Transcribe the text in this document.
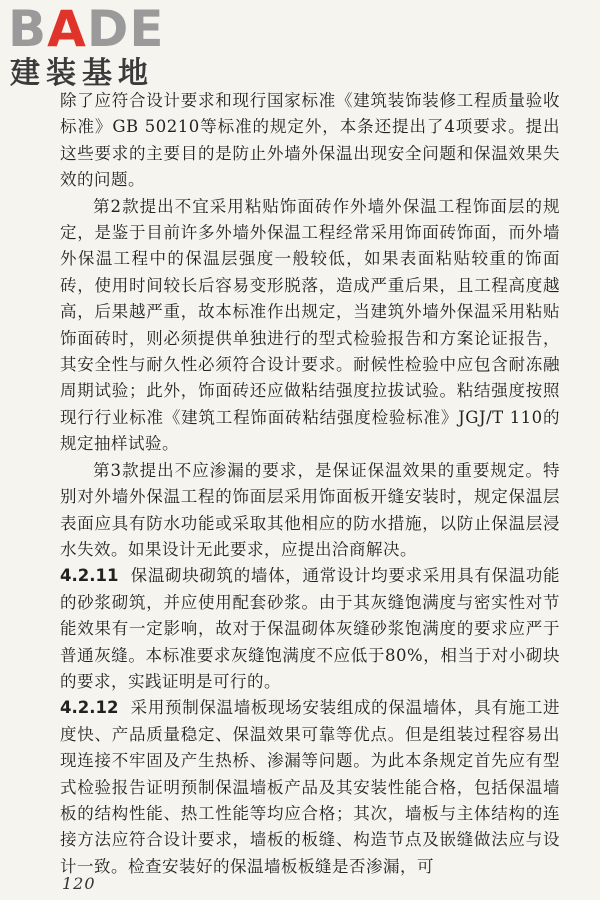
BADE
建装基地

除了应符合设计要求和现行国家标准《建筑装饰装修工程质量验收标准》GB 50210等标准的规定外，本条还提出了4项要求。提出这些要求的主要目的是防止外墙外保温出现安全问题和保温效果失效的问题。

第2款提出不宜采用粘贴饰面砖作外墙外保温工程饰面层的规定，是鉴于目前许多外墙外保温工程经常采用饰面砖饰面，而外墙外保温工程中的保温层强度一般较低，如果表面粘贴较重的饰面砖，使用时间较长后容易变形脱落，造成严重后果，且工程高度越高，后果越严重，故本标准作出规定，当建筑外墙外保温采用粘贴饰面砖时，则必须提供单独进行的型式检验报告和方案论证报告，其安全性与耐久性必须符合设计要求。耐候性检验中应包含耐冻融周期试验；此外，饰面砖还应做粘结强度拉拔试验。粘结强度按照现行行业标准《建筑工程饰面砖粘结强度检验标准》JGJ/T 110的规定抽样试验。

第3款提出不应渗漏的要求，是保证保温效果的重要规定。特别对外墙外保温工程的饰面层采用饰面板开缝安装时，规定保温层表面应具有防水功能或采取其他相应的防水措施，以防止保温层浸水失效。如果设计无此要求，应提出洽商解决。

4.2.11 保温砌块砌筑的墙体，通常设计均要求采用具有保温功能的砂浆砌筑，并应使用配套砂浆。由于其灰缝饱满度与密实性对节能效果有一定影响，故对于保温砌体灰缝砂浆饱满度的要求应严于普通灰缝。本标准要求灰缝饱满度不应低于80%，相当于对小砌块的要求，实践证明是可行的。

4.2.12 采用预制保温墙板现场安装组成的保温墙体，具有施工进度快、产品质量稳定、保温效果可靠等优点。但是组装过程容易出现连接不牢固及产生热桥、渗漏等问题。为此本条规定首先应有型式检验报告证明预制保温墙板产品及其安装性能合格，包括保温墙板的结构性能、热工性能等均应合格；其次，墙板与主体结构的连接方法应符合设计要求，墙板的板缝、构造节点及嵌缝做法应与设计一致。检查安装好的保温墙板板缝是否渗漏，可

120
